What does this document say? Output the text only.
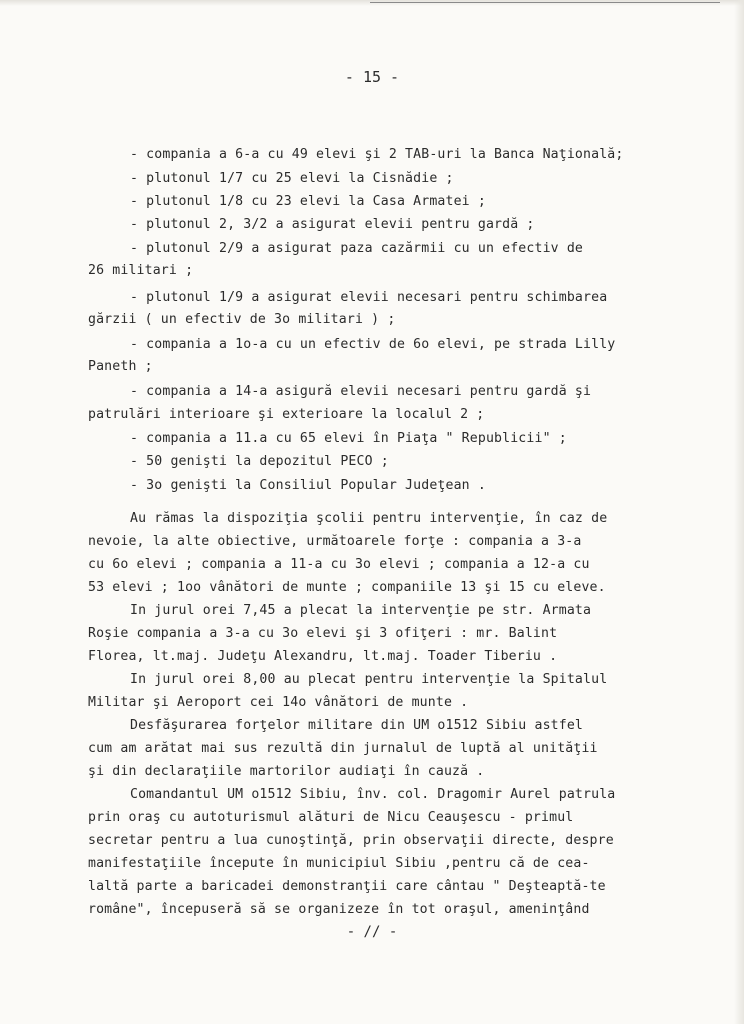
- 15 -
- compania a 6-a cu 49 elevi şi 2 TAB-uri la Banca Naţională;
- plutonul 1/7 cu 25 elevi la Cisnădie ;
- plutonul 1/8 cu 23 elevi la Casa Armatei ;
- plutonul 2, 3/2 a asigurat elevii pentru gardă ;
- plutonul 2/9 a asigurat paza cazărmii cu un efectiv de
26 militari ;
- plutonul 1/9 a asigurat elevii necesari pentru schimbarea
gărzii ( un efectiv de 3o militari ) ;
- compania a 1o-a cu un efectiv de 6o elevi, pe strada Lilly
Paneth ;
- compania a 14-a asigură elevii necesari pentru gardă şi
patrulări interioare şi exterioare la localul 2 ;
- compania a 11.a cu 65 elevi în Piaţa " Republicii" ;
- 50 genişti la depozitul PECO ;
- 3o genişti la Consiliul Popular Judeţean .
Au rămas la dispoziţia şcolii pentru intervenţie, în caz de
nevoie, la alte obiective, următoarele forţe : compania a 3-a
cu 6o elevi ; compania a 11-a cu 3o elevi ; compania a 12-a cu
53 elevi ; 1oo vânători de munte ; companiile 13 şi 15 cu eleve.
In jurul orei 7,45 a plecat la intervenţie pe str. Armata
Roşie compania a 3-a cu 3o elevi şi 3 ofiţeri : mr. Balint
Florea, lt.maj. Judeţu Alexandru, lt.maj. Toader Tiberiu .
In jurul orei 8,00 au plecat pentru intervenţie la Spitalul
Militar şi Aeroport cei 14o vânători de munte .
Desfăşurarea forţelor militare din UM o1512 Sibiu astfel
cum am arătat mai sus rezultă din jurnalul de luptă al unităţii
şi din declaraţiile martorilor audiaţi în cauză .
Comandantul UM o1512 Sibiu, înv. col. Dragomir Aurel patrula
prin oraş cu autoturismul alături de Nicu Ceauşescu - primul
secretar pentru a lua cunoştinţă, prin observaţii directe, despre
manifestaţiile începute în municipiul Sibiu ,pentru că de cea-
laltă parte a baricadei demonstranţii care cântau " Deşteaptă-te
române", începuseră să se organizeze în tot oraşul, ameninţând
- // -
